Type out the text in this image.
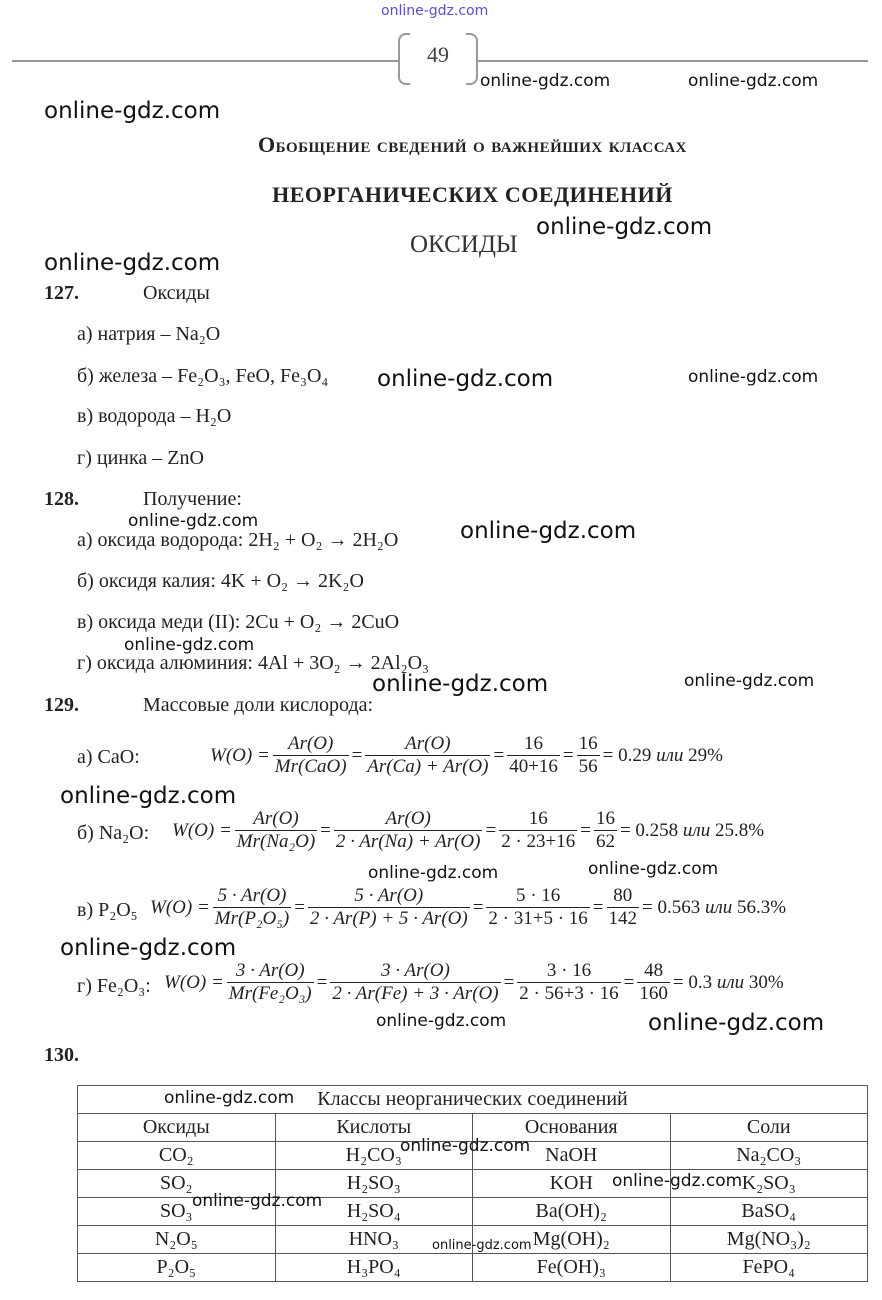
online-gdz.com
49
online-gdz.com	online-gdz.com
online-gdz.com
Обобщение сведений о важнейших классах
НЕОРГАНИЧЕСКИХ СОЕДИНЕНИЙ
ОКСИДЫ
online-gdz.com
online-gdz.com
127.	Оксиды
а) натрия – Na₂O
б) железа – Fe₂O₃, FeO, Fe₃O₄ online-gdz.com	online-gdz.com
в) водорода – H₂O
г) цинка – ZnO
128.	Получение:
online-gdz.com
а) оксида водорода: 2H₂ + O₂ → 2H₂O	online-gdz.com
б) оксидя калия: 4K + O₂ → 2K₂O
в) оксида меди (II): 2Cu + O₂ → 2CuO
online-gdz.com
г) оксида алюминия: 4Al + 3O₂ → 2Al₂O₃
online-gdz.com	online-gdz.com
129.	Массовые доли кислорода:
а) CaO:	W(O) =
Ar(O)
Mr(CaO)
=
Ar(O)
Ar(Ca) + Ar(O)
=
16
40+16
= $\frac{16}{56} = 0.29$
или
29%
online-gdz.com
б) Na₂O: $W(O) = \frac{Ar(O)}{\text{Mr(Na₂O)}}$ =
Ar(O)
2 · Ar(Na) + Ar(O)
=
16
2 · 23+16
= $\frac{16}{62} = 0.258$
или
25.8%
online-gdz.com	online-gdz.com
в) P₂O₅ $W(O) = \frac{5 \cdot Ar(O)}{\text{Mr(P₂O₅)}}$ =
5 · Ar(O)
2 · Ar(P) + 5 · Ar(O)
=
5 · 16
2 · 31+5 · 16
= $\frac{80}{142} = 0.563$
или
56.3%
online-gdz.com
г) Fe₂O₃: $W(O) = \frac{3 \cdot Ar(O)}{\text{Mr(Fe₂O₃)}}$ =
3 · Ar(O)
2 · Ar(Fe) + 3 · Ar(O)
=
3 · 16
2 · 56+3 · 16
= $\frac{48}{160} = 0.3$
или
30%
online-gdz.com	online-gdz.com
130.
Классы неорганических соединений			
Оксиды	Кислоты	Основания	Соли
CO₂	H₂CO₃	NaOH	Na₂CO₃
SO₂	H₂SO₃	KOH	K₂SO₃
SO₃	H₂SO₄	Ba(OH)₂	BaSO₄
N₂O₅	HNO₃	Mg(OH)₂	Mg(NO₃)₂
P₂O₅	H₃PO₄	Fe(OH)₃	FePO₄
online-gdz.com
online-gdz.com
online-gdz.com
online-gdz.com
online-gdz.com
